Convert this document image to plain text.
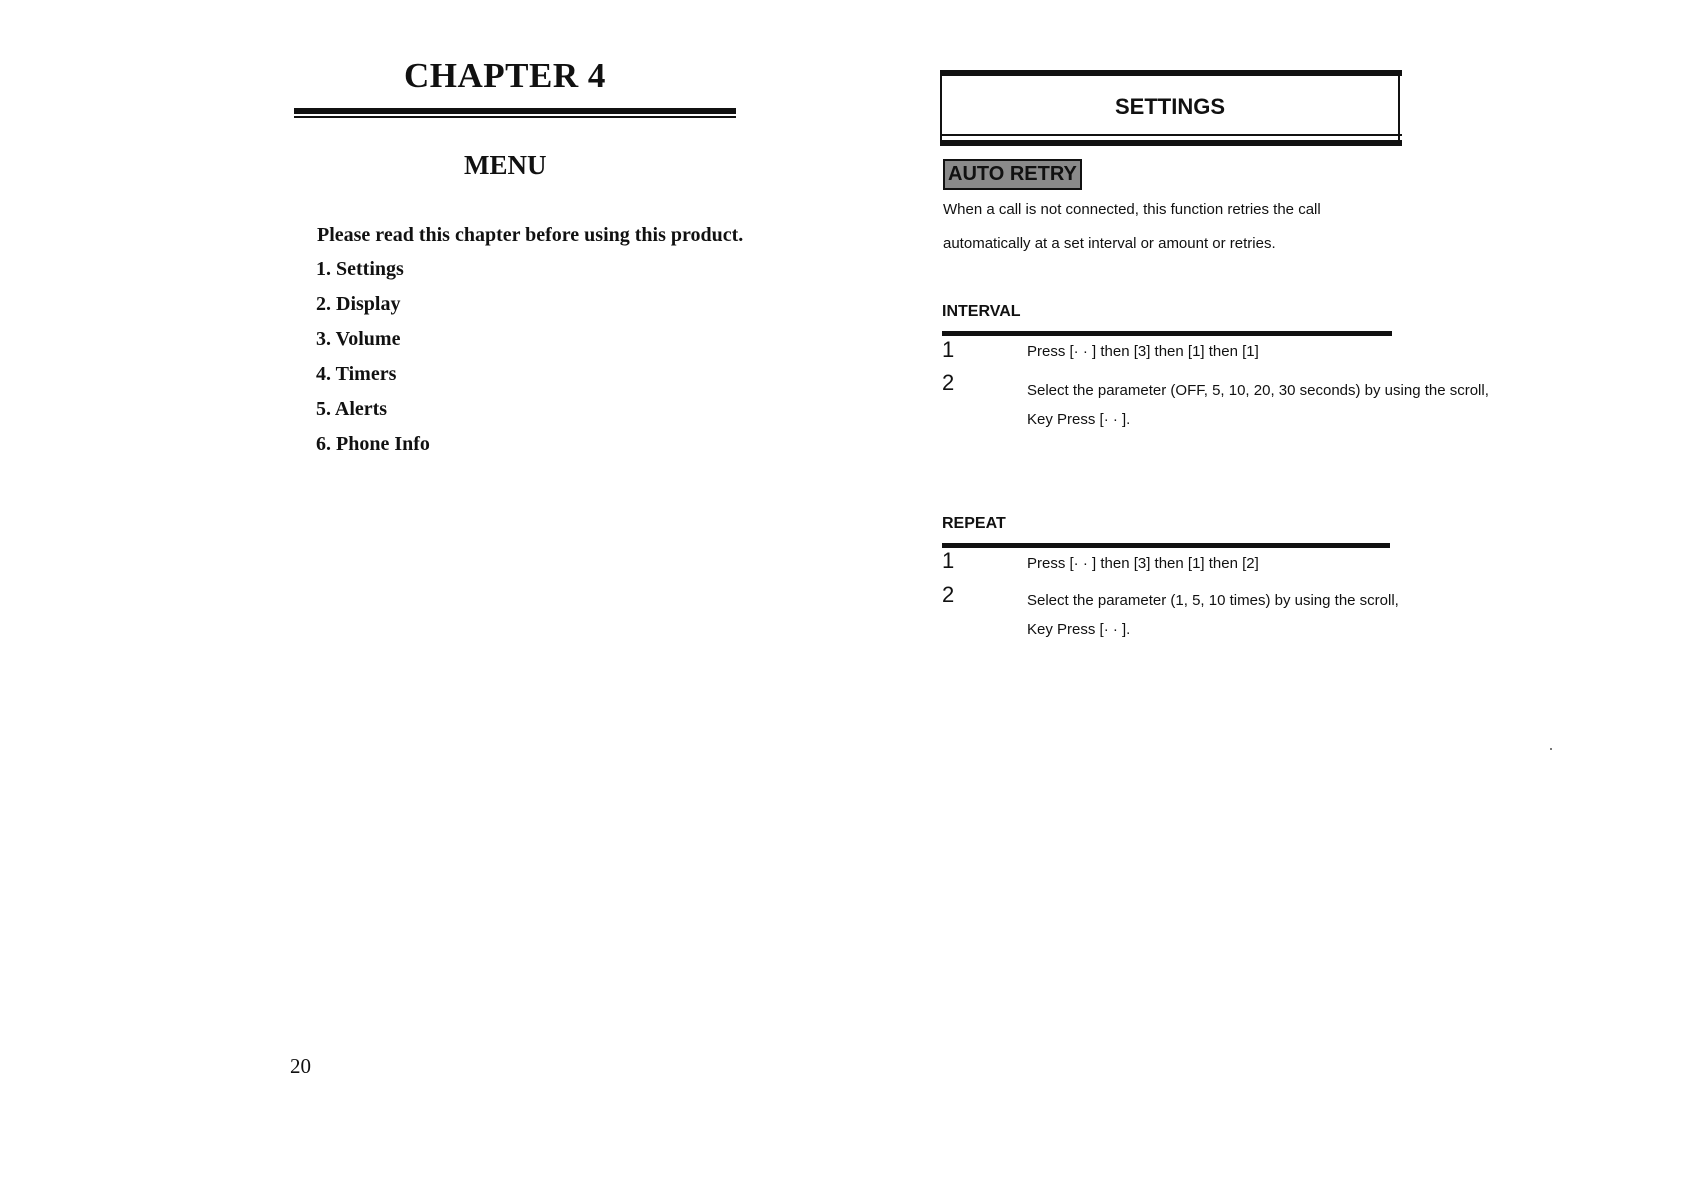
CHAPTER 4
MENU
Please read this chapter before using this product.
1. Settings
2. Display
3. Volume
4. Timers
5. Alerts
6. Phone Info
20
SETTINGS
AUTO RETRY
When a call is not connected, this function retries the call
automatically at a set interval or amount or retries.
INTERVAL
1	Press [· · ] then [3] then [1] then [1]
2	Select the parameter (OFF, 5, 10, 20, 30 seconds) by using the scroll,
Key Press [· · ].
REPEAT
1	Press [· · ] then [3] then [1] then [2]
2	Select the parameter (1, 5, 10 times) by using the scroll,
Key Press [· · ].
